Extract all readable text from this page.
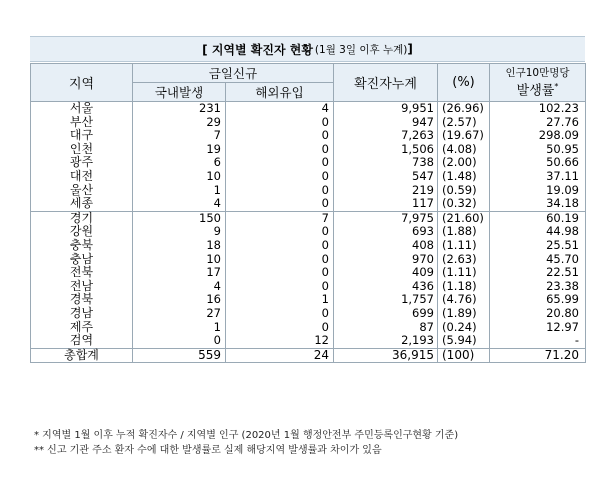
[ 지역별 확진자 현황 (1월 3일 이후 누계) ]
지역	금일신규		확진자누계	(%)	인구10만명당
발생률*

	국내발생	해외유입			
서울	231	4	9,951	(26.96)	102.23
부산	29	0	947	(2.57)	27.76
대구	7	0	7,263	(19.67)	298.09
인천	19	0	1,506	(4.08)	50.95
광주	6	0	738	(2.00)	50.66
대전	10	0	547	(1.48)	37.11
울산	1	0	219	(0.59)	19.09
세종	4	0	117	(0.32)	34.18
경기	150	7	7,975	(21.60)	60.19
강원	9	0	693	(1.88)	44.98
충북	18	0	408	(1.11)	25.51
충남	10	0	970	(2.63)	45.70
전북	17	0	409	(1.11)	22.51
전남	4	0	436	(1.18)	23.38
경북	16	1	1,757	(4.76)	65.99
경남	27	0	699	(1.89)	20.80
제주	1	0	87	(0.24)	12.97
검역	0	12	2,193	(5.94)	-
총합계	559	24	36,915	(100)	71.20
* 지역별 1월 이후 누적 확진자수 / 지역별 인구 (2020년 1월 행정안전부 주민등록인구현황 기준)
** 신고 기관 주소 환자 수에 대한 발생률로 실제 해당지역 발생률과 차이가 있음
